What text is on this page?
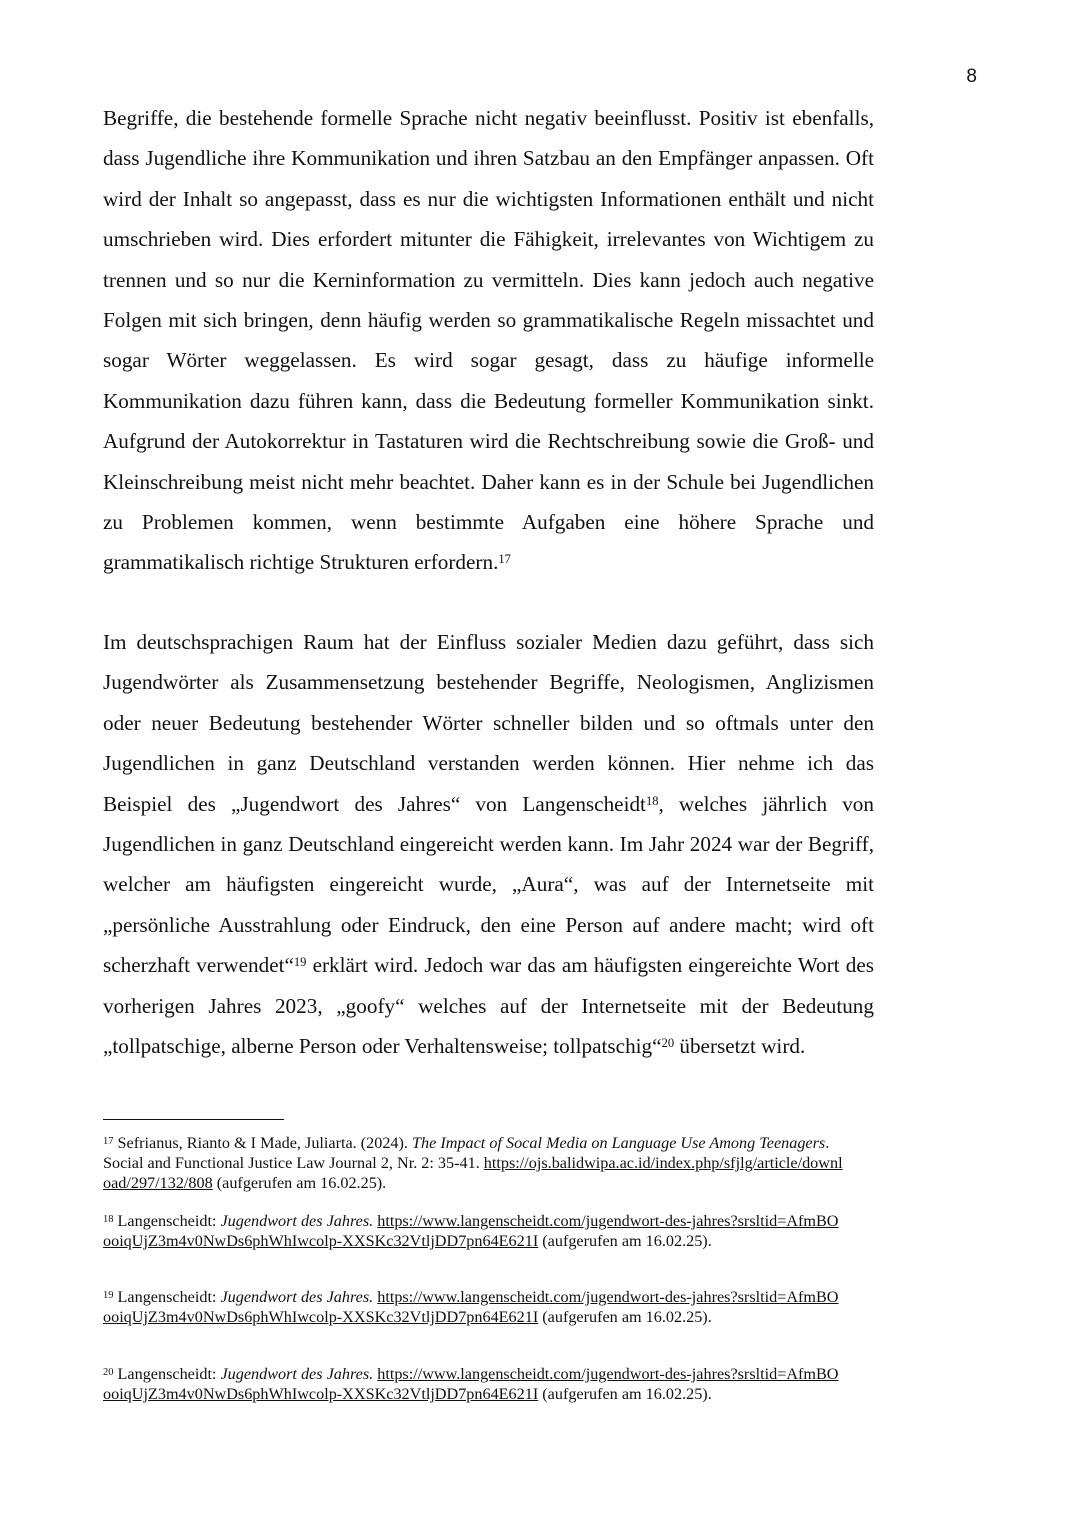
8

Begriffe, die bestehende formelle Sprache nicht negativ beeinflusst. Positiv ist ebenfalls, dass Jugendliche ihre Kommunikation und ihren Satzbau an den Empfänger anpassen. Oft wird der Inhalt so angepasst, dass es nur die wichtigsten Informationen enthält und nicht umschrieben wird. Dies erfordert mitunter die Fähigkeit, irrelevantes von Wichtigem zu trennen und so nur die Kerninformation zu vermitteln. Dies kann jedoch auch negative Folgen mit sich bringen, denn häufig werden so grammatikalische Regeln missachtet und sogar Wörter weggelassen. Es wird sogar gesagt, dass zu häufige informelle Kommunikation dazu führen kann, dass die Bedeutung formeller Kommunikation sinkt. Aufgrund der Autokorrektur in Tastaturen wird die Rechtschreibung sowie die Groß- und Kleinschreibung meist nicht mehr beachtet. Daher kann es in der Schule bei Jugendlichen zu Problemen kommen, wenn bestimmte Aufgaben eine höhere Sprache und grammatikalisch richtige Strukturen erfordern.$^{17}$

Im deutschsprachigen Raum hat der Einfluss sozialer Medien dazu geführt, dass sich Jugendwörter als Zusammensetzung bestehender Begriffe, Neologismen, Anglizismen oder neuer Bedeutung bestehender Wörter schneller bilden und so oftmals unter den Jugendlichen in ganz Deutschland verstanden werden können. Hier nehme ich das Beispiel des „Jugendwort des Jahres“ von Langenscheidt$^{18}$, welches jährlich von Jugendlichen in ganz Deutschland eingereicht werden kann. Im Jahr 2024 war der Begriff, welcher am häufigsten eingereicht wurde, „Aura“, was auf der Internetseite mit „persönliche Ausstrahlung oder Eindruck, den eine Person auf andere macht; wird oft scherzhaft verwendet“$^{19}$ erklärt wird. Jedoch war das am häufigsten eingereichte Wort des vorherigen Jahres 2023, „goofy“ welches auf der Internetseite mit der Bedeutung „tollpatschige, alberne Person oder Verhaltensweise; tollpatschig“$^{20}$ übersetzt wird.

$^{17}$ Sefrianus, Rianto & I Made, Juliarta. (2024). The Impact of Socal Media on Language Use Among Teenagers. Social and Functional Justice Law Journal 2, Nr. 2: 35-41. https://ojs.balidwipa.ac.id/index.php/sfjlg/article/download/297/132/808 (aufgerufen am 16.02.25).
$^{18}$ Langenscheidt: Jugendwort des Jahres. https://www.langenscheidt.com/jugendwort-des-jahres?srsltid=AfmBOooiqUjZ3m4v0NwDs6phWhIwcolp-XXSKc32VtljDD7pn64E621I (aufgerufen am 16.02.25).
$^{19}$ Langenscheidt: Jugendwort des Jahres. https://www.langenscheidt.com/jugendwort-des-jahres?srsltid=AfmBOooiqUjZ3m4v0NwDs6phWhIwcolp-XXSKc32VtljDD7pn64E621I (aufgerufen am 16.02.25).
$^{20}$ Langenscheidt: Jugendwort des Jahres. https://www.langenscheidt.com/jugendwort-des-jahres?srsltid=AfmBOooiqUjZ3m4v0NwDs6phWhIwcolp-XXSKc32VtljDD7pn64E621I (aufgerufen am 16.02.25).
